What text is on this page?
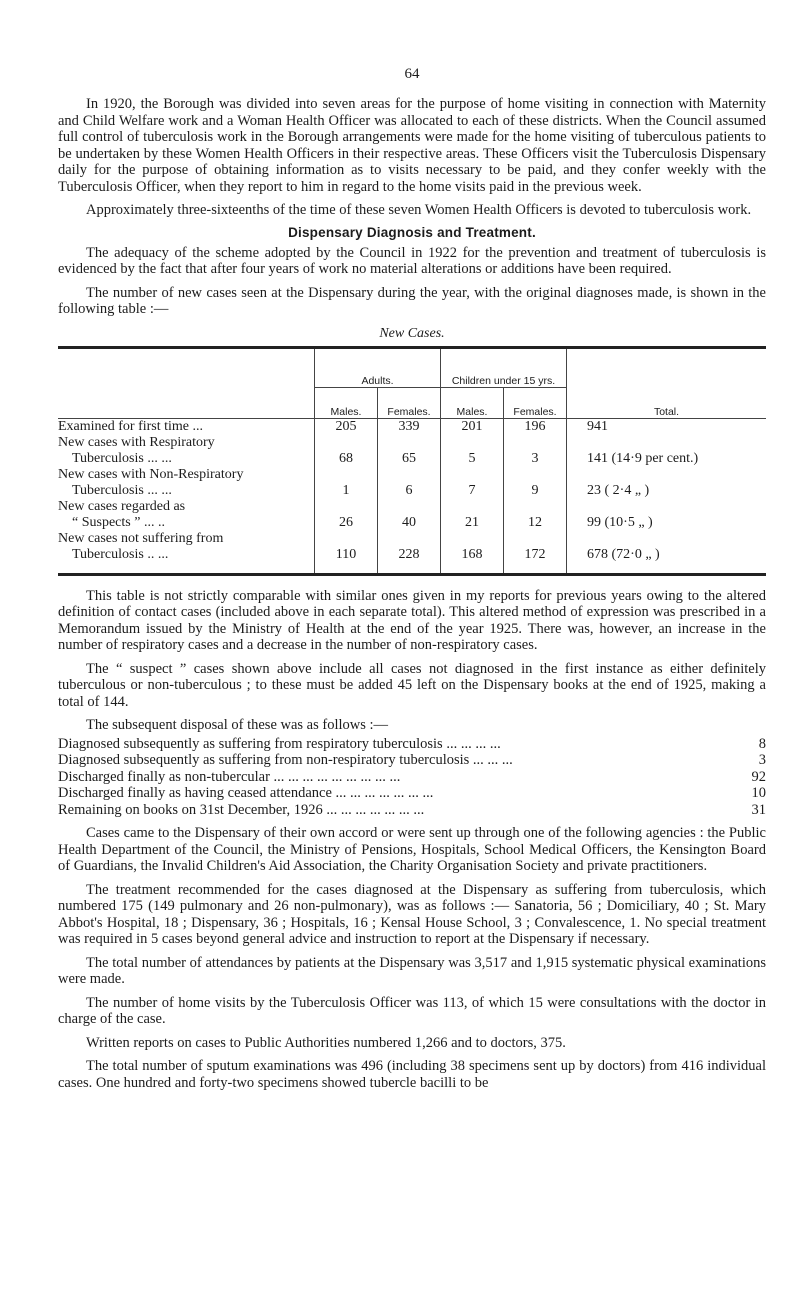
64

In 1920, the Borough was divided into seven areas for the purpose of home visiting in connection with Maternity and Child Welfare work and a Woman Health Officer was allocated to each of these districts. When the Council assumed full control of tuberculosis work in the Borough arrangements were made for the home visiting of tuberculous patients to be undertaken by these Women Health Officers in their respective areas. These Officers visit the Tuberculosis Dispensary daily for the purpose of obtaining information as to visits necessary to be paid, and they confer weekly with the Tuberculosis Officer, when they report to him in regard to the home visits paid in the previous week.

Approximately three-sixteenths of the time of these seven Women Health Officers is devoted to tuberculosis work.

Dispensary Diagnosis and Treatment.

The adequacy of the scheme adopted by the Council in 1922 for the prevention and treatment of tuberculosis is evidenced by the fact that after four years of work no material alterations or additions have been required.

The number of new cases seen at the Dispensary during the year, with the original diagnoses made, is shown in the following table :—

New Cases.
	Adults.		Children under 15 yrs.		Total.
	Males.	Females.	Males.	Females.	

Examined for first time ...	205	339	201	196	941

New cases with Respiratory
Tuberculosis ... ...	68	65	5	3	141 (14·9 per cent.)

New cases with Non-Respiratory
Tuberculosis ... ...	1	6	7	9	23 ( 2·4 „ )

New cases regarded as
“ Suspects ” ... ..	26	40	21	12	99 (10·5 „ )

New cases not suffering from
Tuberculosis .. ...	110	228	168	172	678 (72·0 „ )

This table is not strictly comparable with similar ones given in my reports for previous years owing to the altered definition of contact cases (included above in each separate total). This altered method of expression was prescribed in a Memorandum issued by the Ministry of Health at the end of the year 1925. There was, however, an increase in the number of respiratory cases and a decrease in the number of non-respiratory cases.

The “ suspect ” cases shown above include all cases not diagnosed in the first instance as either definitely tuberculous or non-tuberculous ; to these must be added 45 left on the Dispensary books at the end of 1925, making a total of 144.

The subsequent disposal of these was as follows :—

Diagnosed subsequently as suffering from respiratory tuberculosis ... ... ... ...	8
Diagnosed subsequently as suffering from non-respiratory tuberculosis ... ... ...	3
Discharged finally as non-tubercular ... ... ... ... ... ... ... ... ...	92
Discharged finally as having ceased attendance ... ... ... ... ... ... ...	10
Remaining on books on 31st December, 1926 ... ... ... ... ... ... ...	31

Cases came to the Dispensary of their own accord or were sent up through one of the following agencies : the Public Health Department of the Council, the Ministry of Pensions, Hospitals, School Medical Officers, the Kensington Board of Guardians, the Invalid Children's Aid Association, the Charity Organisation Society and private practitioners.

The treatment recommended for the cases diagnosed at the Dispensary as suffering from tuberculosis, which numbered 175 (149 pulmonary and 26 non-pulmonary), was as follows :— Sanatoria, 56 ; Domiciliary, 40 ; St. Mary Abbot's Hospital, 18 ; Dispensary, 36 ; Hospitals, 16 ; Kensal House School, 3 ; Convalescence, 1. No special treatment was required in 5 cases beyond general advice and instruction to report at the Dispensary if necessary.

The total number of attendances by patients at the Dispensary was 3,517 and 1,915 systematic physical examinations were made.

The number of home visits by the Tuberculosis Officer was 113, of which 15 were consultations with the doctor in charge of the case.

Written reports on cases to Public Authorities numbered 1,266 and to doctors, 375.

The total number of sputum examinations was 496 (including 38 specimens sent up by doctors) from 416 individual cases. One hundred and forty-two specimens showed tubercle bacilli to be
